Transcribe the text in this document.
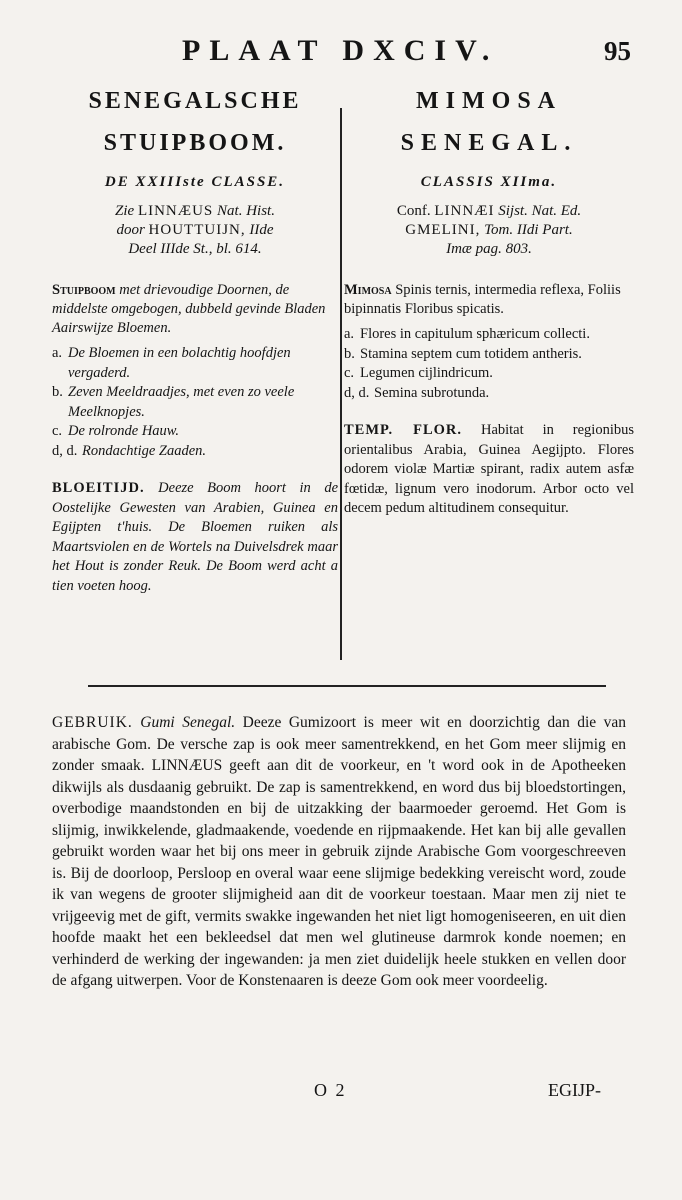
PLAAT DXCIV.	95
SENEGALSCHE
STUIPBOOM.
DE XXIIIste CLASSE.
Zie LINNÆUS Nat. Hist.
door HOUTTUIJN, IIde
Deel IIIde St., bl. 614.
Stuipboom met drievoudige Doornen, de middelste omgebogen, dubbeld gevinde Bladen Aairswijze Bloemen.
a. De Bloemen in een bolachtig hoofdjen vergaderd.
b. Zeven Meeldraadjes, met even zo veele Meelknopjes.
c. De rolronde Hauw.
d, d. Rondachtige Zaaden.
BLOEITIJD. Deeze Boom hoort in de Oostelijke Gewesten van Arabien, Guinea en Egijpten t'huis. De Bloemen ruiken als Maartsviolen en de Wortels na Duivelsdrek maar het Hout is zonder Reuk. De Boom werd acht a tien voeten hoog.
MIMOSA
SENEGAL.
CLASSIS XIIma.
Conf. LINNÆI Sijst. Nat. Ed.
GMELINI, Tom. IIdi Part.
Imæ pag. 803.
Mimosa Spinis ternis, intermedia reflexa, Foliis bipinnatis Floribus spicatis.
a. Flores in capitulum sphæricum collecti.
b. Stamina septem cum totidem antheris.
c. Legumen cijlindricum.
d, d. Semina subrotunda.
TEMP. FLOR. Habitat in regionibus orientalibus Arabia, Guinea Aegijpto. Flores odorem violæ Martiæ spirant, radix autem asfæ fœtidæ, lignum vero inodorum. Arbor octo vel decem pedum altitudinem consequitur.
GEBRUIK. Gumi Senegal. Deeze Gumizoort is meer wit en doorzichtig dan die van arabische Gom. De versche zap is ook meer samentrekkend, en het Gom meer slijmig en zonder smaak. LINNÆUS geeft aan dit de voorkeur, en 't word ook in de Apotheeken dikwijls als dusdaanig gebruikt. De zap is samentrekkend, en word dus bij bloedstortingen, overbodige maandstonden en bij de uitzakking der baarmoeder geroemd. Het Gom is slijmig, inwikkelende, gladmaakende, voedende en rijpmaakende. Het kan bij alle gevallen gebruikt worden waar het bij ons meer in gebruik zijnde Arabische Gom voorgeschreeven is. Bij de doorloop, Persloop en overal waar eene slijmige bedekking vereischt word, zoude ik van wegens de grooter slijmigheid aan dit de voorkeur toestaan. Maar men zij niet te vrijgeevig met de gift, vermits swakke ingewanden het niet ligt homogeniseeren, en uit dien hoofde maakt het een bekleedsel dat men wel glutineuse darmrok konde noemen; en verhinderd de werking der ingewanden: ja men ziet duidelijk heele stukken en vellen door de afgang uitwerpen. Voor de Konstenaaren is deeze Gom ook meer voordeelig.
O 2	EGIJP-
